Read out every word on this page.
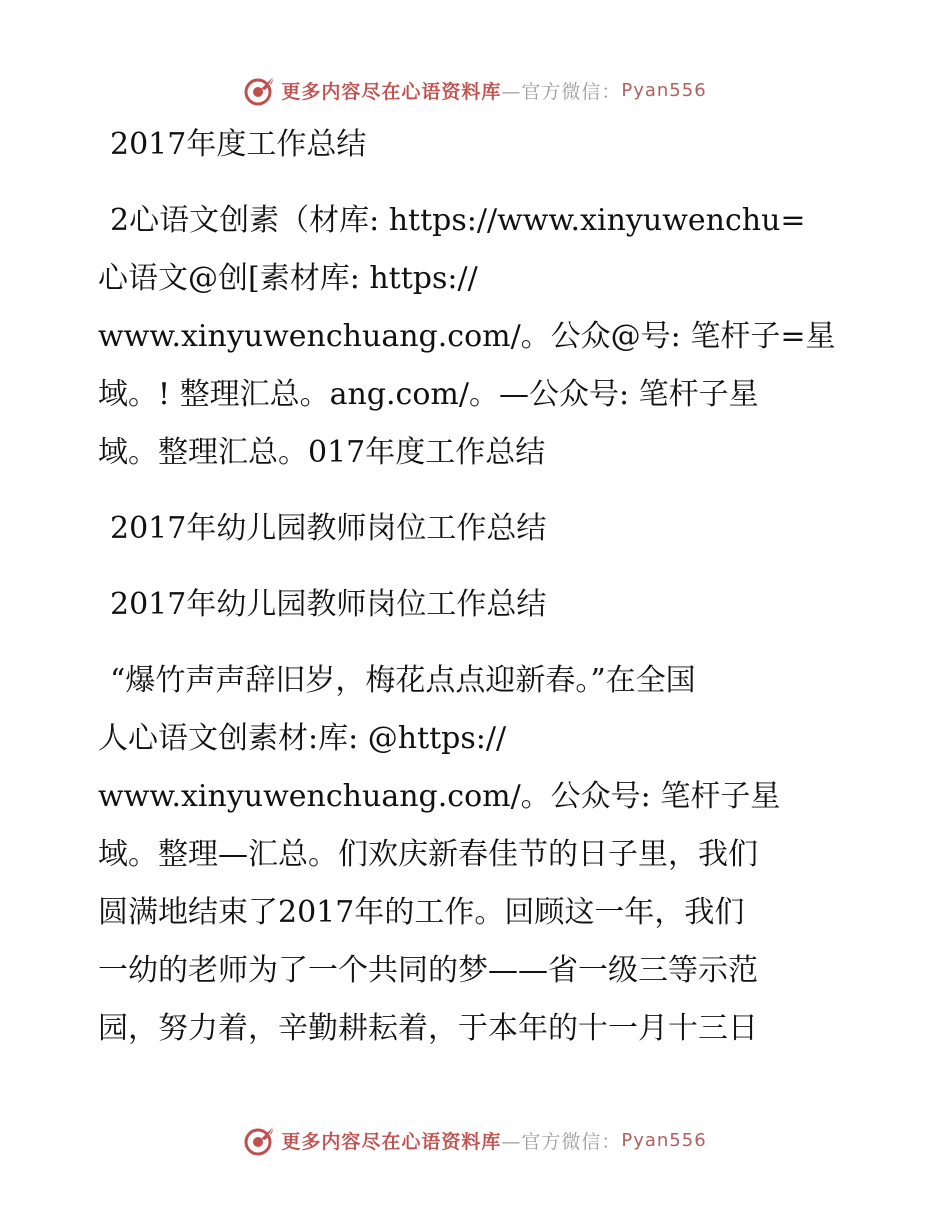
更多内容尽在心语资料库 —官方微信： Pyan556
2017年度工作总结
2心语文创素（材库: https://www.xinyuwenchu=
心语文@创[素材库: https://
www.xinyuwenchuang.com/。公众@号: 笔杆子=星
域。! 整理汇总。ang.com/。—公众号: 笔杆子星
域。整理汇总。017年度工作总结
2017年幼儿园教师岗位工作总结
2017年幼儿园教师岗位工作总结
“爆竹声声辞旧岁，梅花点点迎新春。”在全国
人心语文创素材:库: @https://
www.xinyuwenchuang.com/。公众号: 笔杆子星
域。整理—汇总。们欢庆新春佳节的日子里，我们
圆满地结束了2017年的工作。回顾这一年，我们
一幼的老师为了一个共同的梦——省一级三等示范
园，努力着，辛勤耕耘着，于本年的十一月十三日
更多内容尽在心语资料库 —官方微信： Pyan556
